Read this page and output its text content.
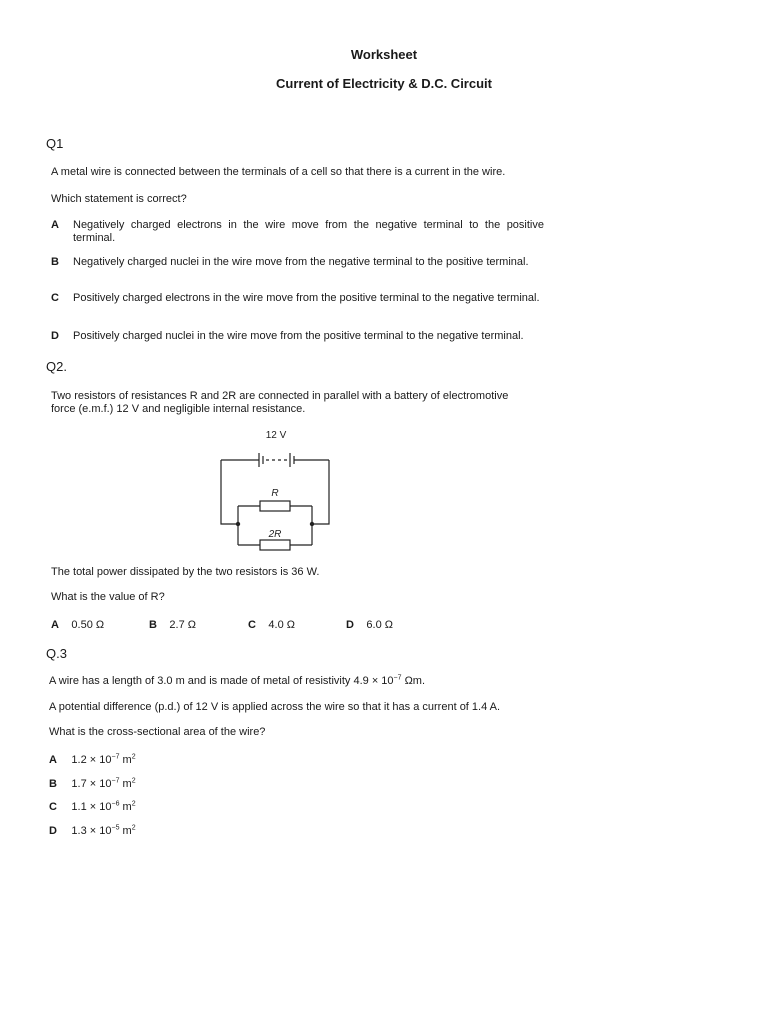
Worksheet
Current of Electricity & D.C. Circuit
Q1
A metal wire is connected between the terminals of a cell so that there is a current in the wire.
Which statement is correct?
A Negatively charged electrons in the wire move from the negative terminal to the positive terminal.
B Negatively charged nuclei in the wire move from the negative terminal to the positive terminal.
C Positively charged electrons in the wire move from the positive terminal to the negative terminal.
D Positively charged nuclei in the wire move from the positive terminal to the negative terminal.
Q2.
Two resistors of resistances R and 2R are connected in parallel with a battery of electromotive
force (e.m.f.) 12 V and negligible internal resistance.
12 V
R
2R
The total power dissipated by the two resistors is 36 W.
What is the value of R?
A 0.50 Ω	B 2.7 Ω	C 4.0 Ω	D 6.0 Ω
Q.3
A wire has a length of 3.0 m and is made of metal of resistivity $4.9 \times 10^{-7}$ Ωm.
A potential difference (p.d.) of 12 V is applied across the wire so that it has a current of 1.4 A.
What is the cross-sectional area of the wire?
A $1.2 \times 10^{-7}$ $m^2$
B $1.7 \times 10^{-7}$ $m^2$
C $1.1 \times 10^{-6}$ $m^2$
D $1.3 \times 10^{-5}$ $m^2$
